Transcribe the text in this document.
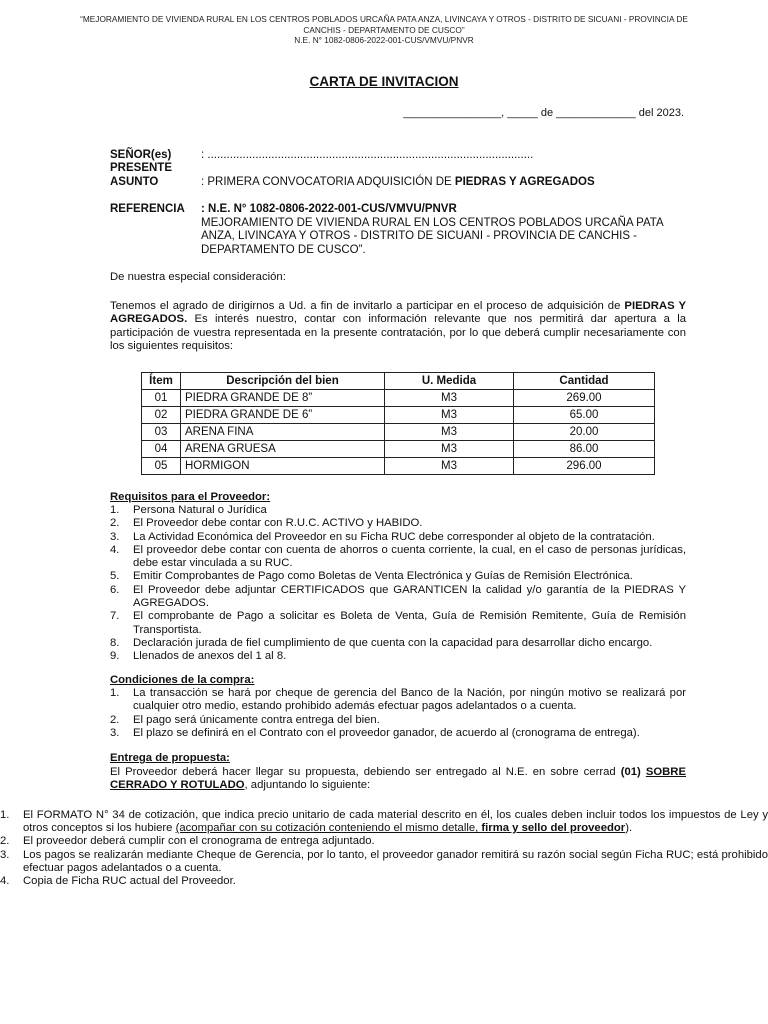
“MEJORAMIENTO DE VIVIENDA RURAL EN LOS CENTROS POBLADOS URCAÑA PATA ANZA, LIVINCAYA Y OTROS - DISTRITO DE SICUANI - PROVINCIA DE CANCHIS - DEPARTAMENTO DE CUSCO”
N.E. N° 1082-0806-2022-001-CUS/VMVU/PNVR
CARTA DE INVITACION
________________, _____ de _____________ del 2023.
SEÑOR(es)	: ......................................................................................................
PRESENTE
ASUNTO	: PRIMERA CONVOCATORIA ADQUISICIÓN DE PIEDRAS Y AGREGADOS
REFERENCIA	: N.E. N° 1082-0806-2022-001-CUS/VMVU/PNVR
MEJORAMIENTO DE VIVIENDA RURAL EN LOS CENTROS POBLADOS URCAÑA PATA ANZA, LIVINCAYA Y OTROS - DISTRITO DE SICUANI - PROVINCIA DE CANCHIS - DEPARTAMENTO DE CUSCO”.
De nuestra especial consideración:
Tenemos el agrado de dirigirnos a Ud. a fin de invitarlo a participar en el proceso de adquisición de PIEDRAS Y AGREGADOS. Es interés nuestro, contar con información relevante que nos permitirá dar apertura a la participación de vuestra representada en la presente contratación, por lo que deberá cumplir necesariamente con los siguientes requisitos:
Ítem	Descripción del bien	U. Medida	Cantidad
01	PIEDRA GRANDE DE 8”	M3	269.00
02	PIEDRA GRANDE DE 6”	M3	65.00
03	ARENA FINA	M3	20.00
04	ARENA GRUESA	M3	86.00
05	HORMIGON	M3	296.00
Requisitos para el Proveedor:
1.	Persona Natural o Jurídica
2.	El Proveedor debe contar con R.U.C. ACTIVO y HABIDO.
3.	La Actividad Económica del Proveedor en su Ficha RUC debe corresponder al objeto de la contratación.
4.	El proveedor debe contar con cuenta de ahorros o cuenta corriente, la cual, en el caso de personas jurídicas, debe estar vinculada a su RUC.
5.	Emitir Comprobantes de Pago como Boletas de Venta Electrónica y Guías de Remisión Electrónica.
6.	El Proveedor debe adjuntar CERTIFICADOS que GARANTICEN la calidad y/o garantía de la PIEDRAS Y AGREGADOS.
7.	El comprobante de Pago a solicitar es Boleta de Venta, Guía de Remisión Remitente, Guía de Remisión Transportista.
8.	Declaración jurada de fiel cumplimiento de que cuenta con la capacidad para desarrollar dicho encargo.
9.	Llenados de anexos del 1 al 8.
Condiciones de la compra:
1.	La transacción se hará por cheque de gerencia del Banco de la Nación, por ningún motivo se realizará por cualquier otro medio, estando prohibido además efectuar pagos adelantados o a cuenta.
2.	El pago será únicamente contra entrega del bien.
3.	El plazo se definirá en el Contrato con el proveedor ganador, de acuerdo al (cronograma de entrega).
Entrega de propuesta:
El Proveedor deberá hacer llegar su propuesta, debiendo ser entregado al N.E. en sobre cerrad (01) SOBRE CERRADO Y ROTULADO, adjuntando lo siguiente:
1.	El FORMATO N° 34 de cotización, que indica precio unitario de cada material descrito en él, los cuales deben incluir todos los impuestos de Ley y otros conceptos si los hubiere (acompañar con su cotización conteniendo el mismo detalle, firma y sello del proveedor).
2.	El proveedor deberá cumplir con el cronograma de entrega adjuntado.
3.	Los pagos se realizarán mediante Cheque de Gerencia, por lo tanto, el proveedor ganador remitirá su razón social según Ficha RUC; está prohibido efectuar pagos adelantados o a cuenta.
4.	Copia de Ficha RUC actual del Proveedor.
